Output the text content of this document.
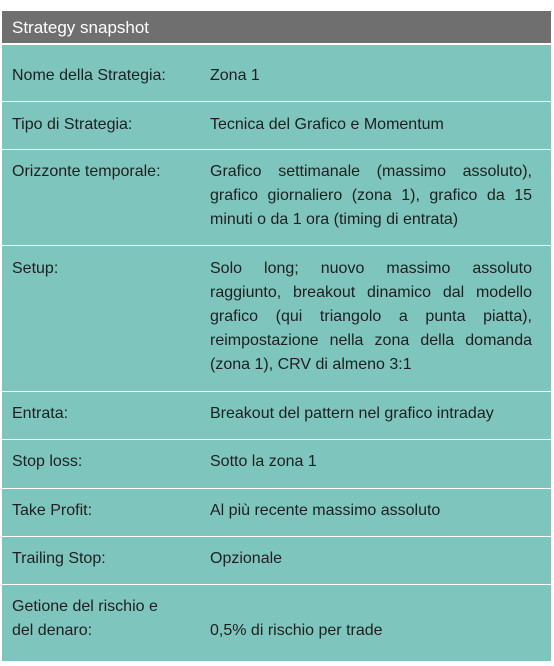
Strategy snapshot
Nome della Strategia:	Zona 1
Tipo di Strategia:	Tecnica del Grafico e Momentum
Orizzonte temporale:	Grafico settimanale (massimo assoluto), grafico giornaliero (zona 1), grafico da 15 minuti o da 1 ora (timing di entrata)
Setup:	Solo long; nuovo massimo assoluto raggiunto, breakout dinamico dal modello grafico (qui triangolo a punta piatta), reimpostazione nella zona della domanda (zona 1), CRV di almeno 3:1
Entrata:	Breakout del pattern nel grafico intraday
Stop loss:	Sotto la zona 1
Take Profit:	Al più recente massimo assoluto
Trailing Stop:	Opzionale
Getione del rischio e del denaro:	0,5% di rischio per trade
